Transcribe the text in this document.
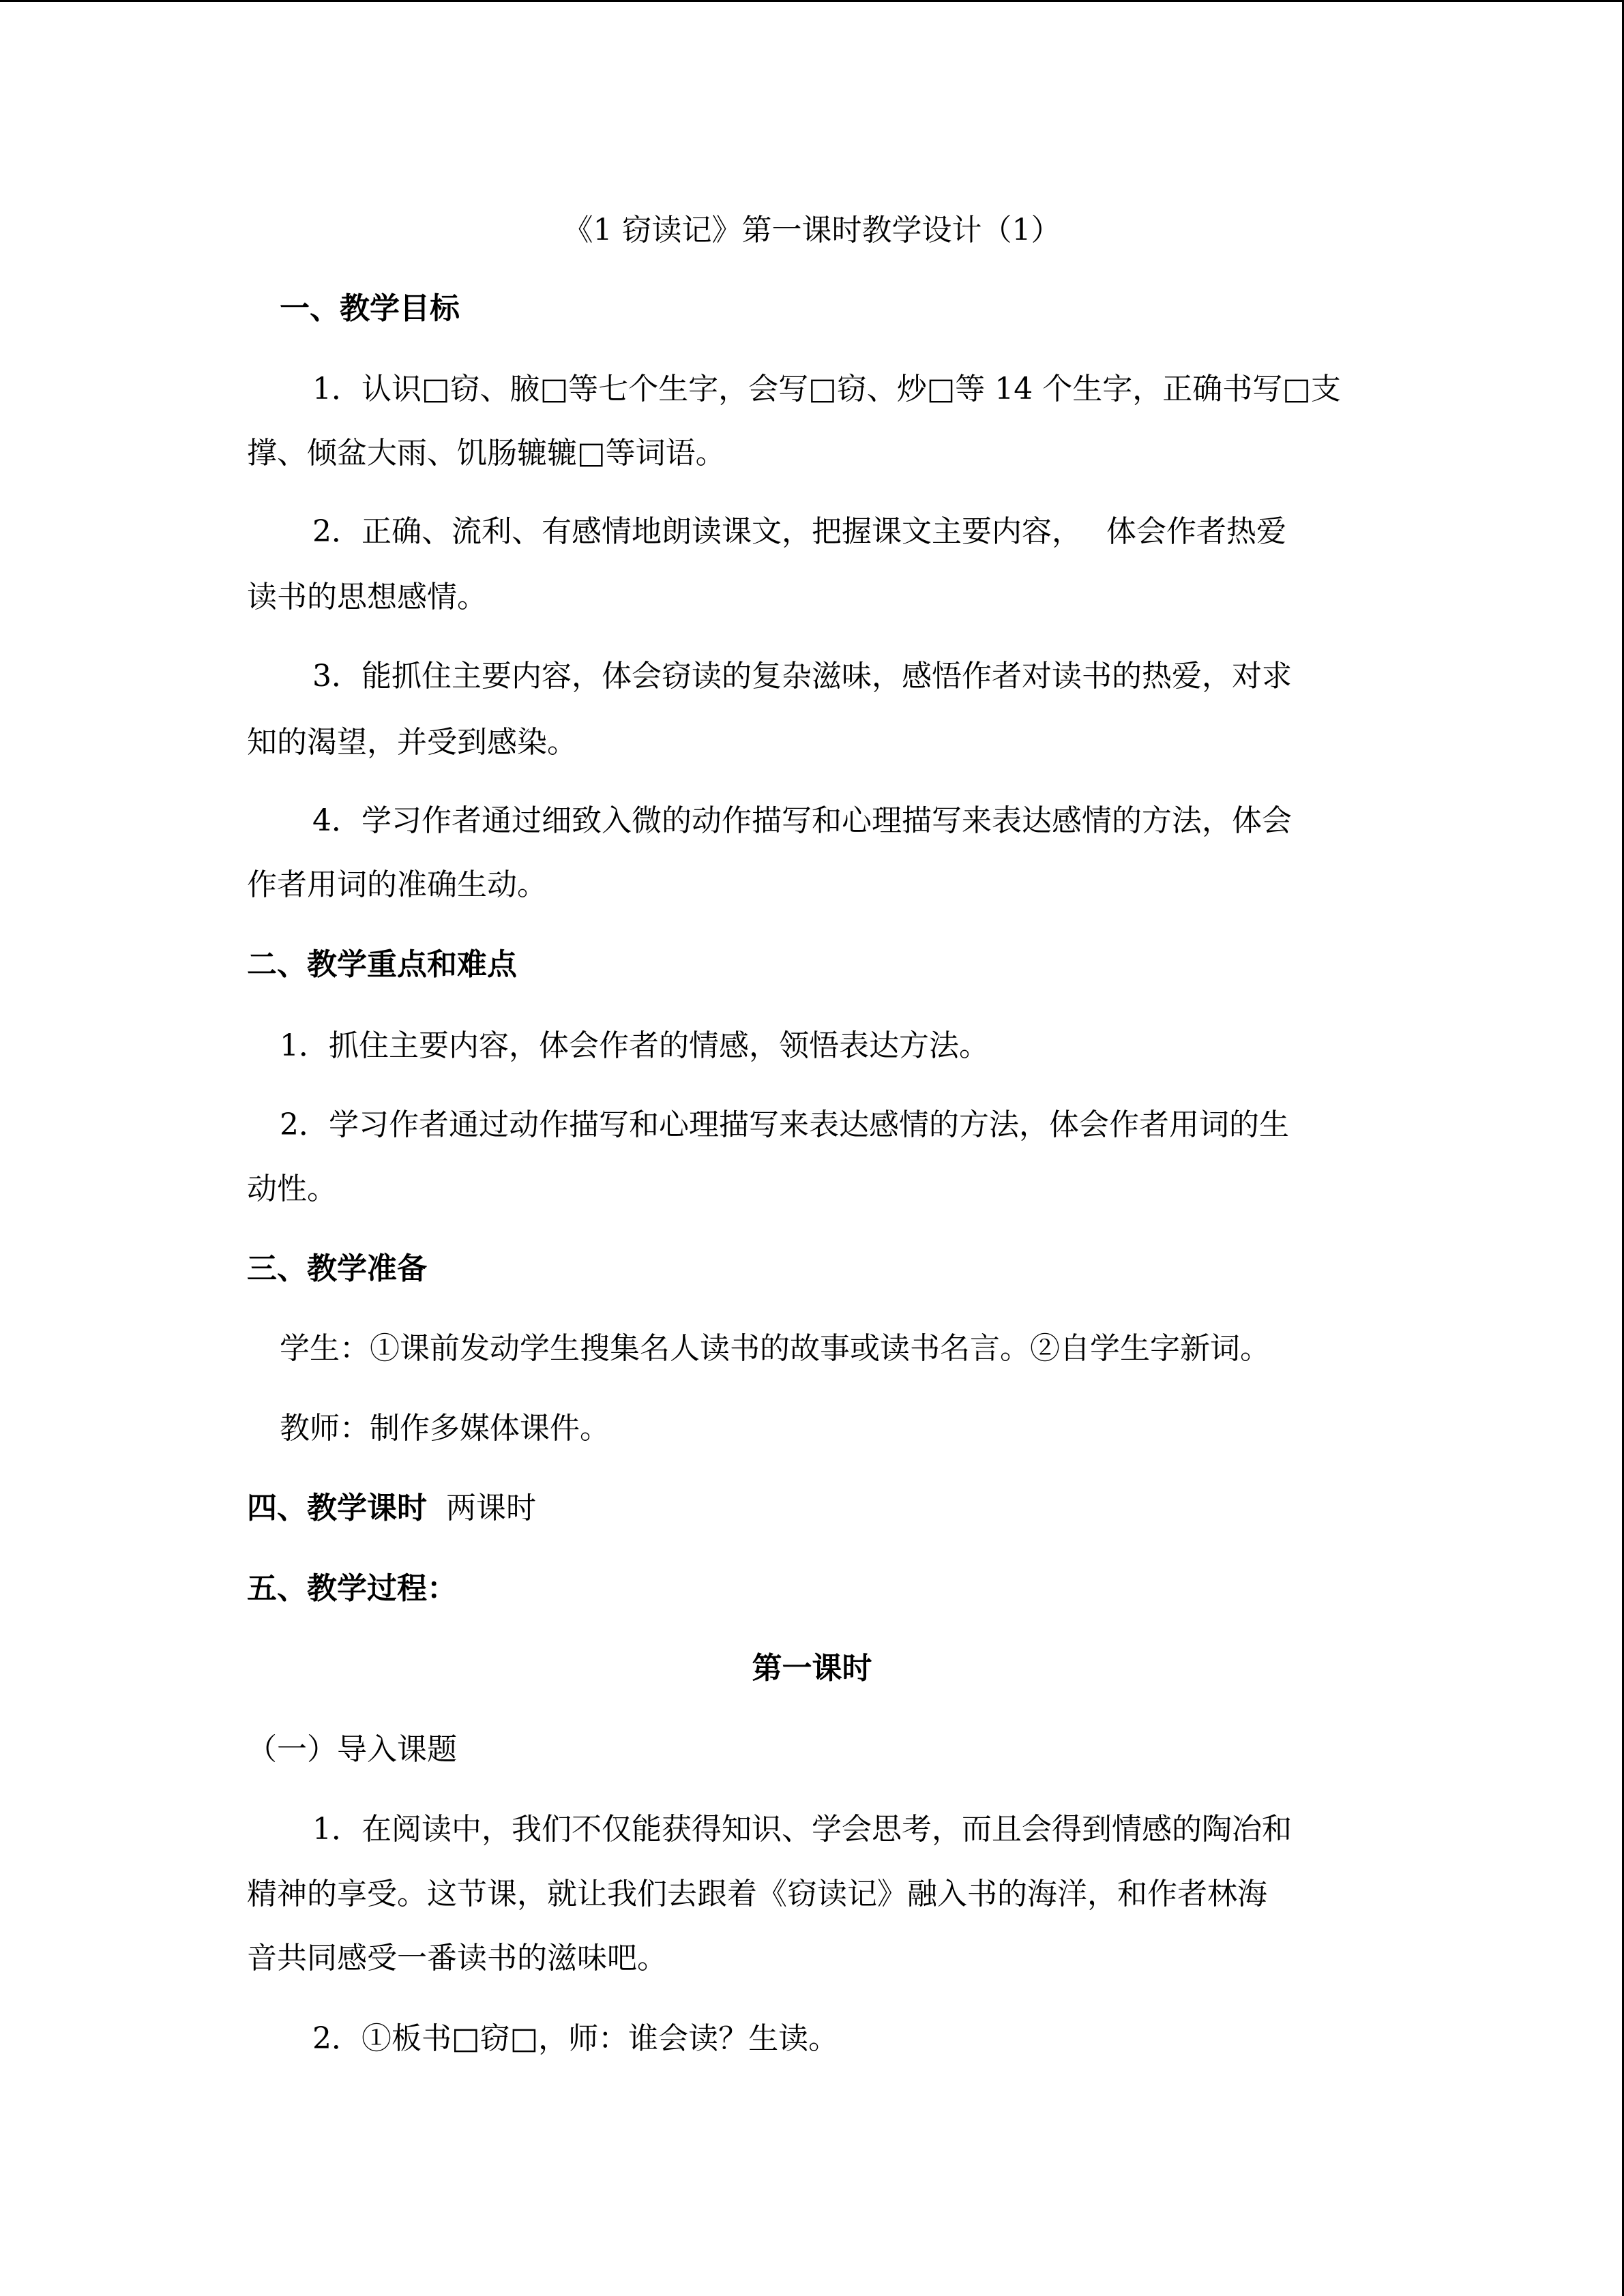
《1 窃读记》第一课时教学设计（1）
一、教学目标
1．认识□窃、腋□等七个生字，会写□窃、炒□等 14 个生字，正确书写□支
撑、倾盆大雨、饥肠辘辘□等词语。
2．正确、流利、有感情地朗读课文，把握课文主要内容，　 体会作者热爱
读书的思想感情。
3．能抓住主要内容，体会窃读的复杂滋味，感悟作者对读书的热爱，对求
知的渴望，并受到感染。
4．学习作者通过细致入微的动作描写和心理描写来表达感情的方法，体会
作者用词的准确生动。
二、教学重点和难点
1．抓住主要内容，体会作者的情感，领悟表达方法。
2．学习作者通过动作描写和心理描写来表达感情的方法，体会作者用词的生
动性。
三、教学准备
学生：①课前发动学生搜集名人读书的故事或读书名言。②自学生字新词。
教师：制作多媒体课件。
四、教学课时 两课时
五、教学过程：
第一课时
（一）导入课题
1．在阅读中，我们不仅能获得知识、学会思考，而且会得到情感的陶冶和
精神的享受。这节课，就让我们去跟着《窃读记》融入书的海洋，和作者林海
音共同感受一番读书的滋味吧。
2．①板书□窃□，师：谁会读？生读。
